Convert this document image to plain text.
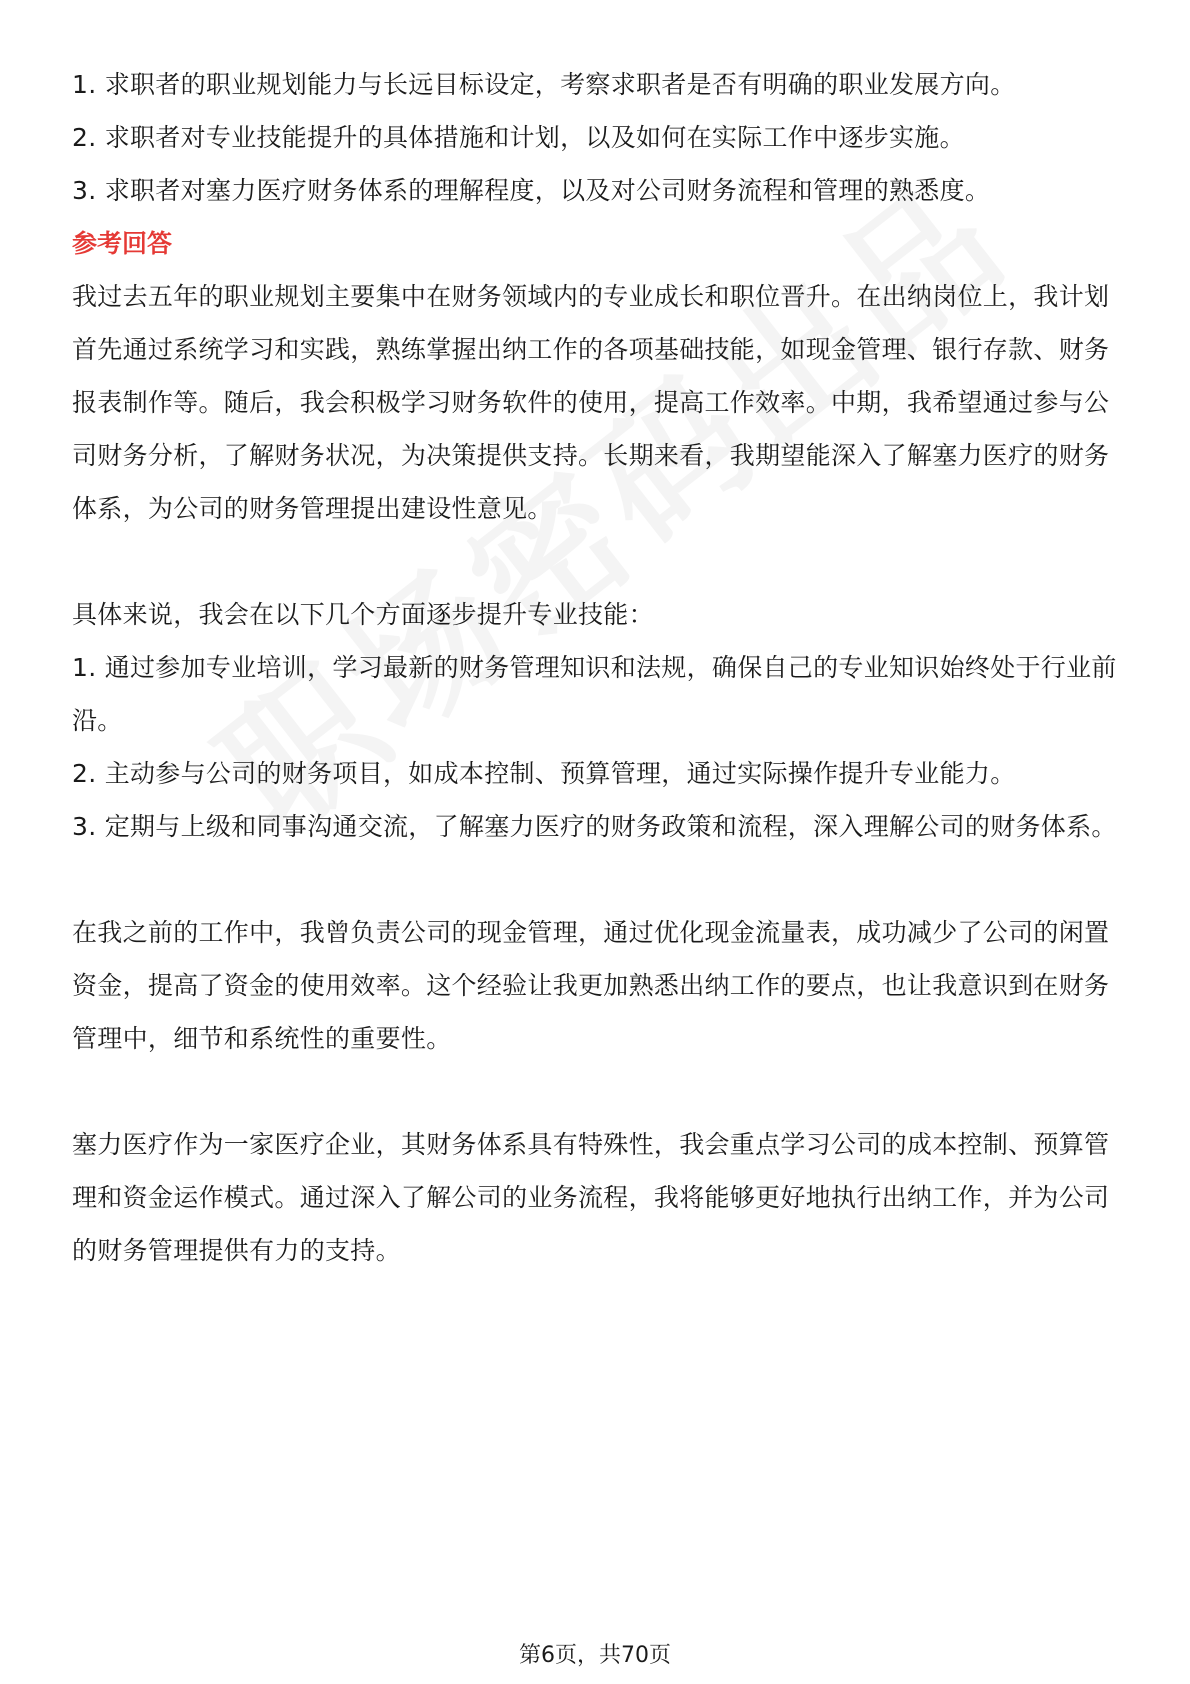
1. 求职者的职业规划能力与长远目标设定，考察求职者是否有明确的职业发展方向。

2. 求职者对专业技能提升的具体措施和计划，以及如何在实际工作中逐步实施。

3. 求职者对塞力医疗财务体系的理解程度，以及对公司财务流程和管理的熟悉度。

参考回答

我过去五年的职业规划主要集中在财务领域内的专业成长和职位晋升。在出纳岗位上，我计划首先通过系统学习和实践，熟练掌握出纳工作的各项基础技能，如现金管理、银行存款、财务报表制作等。随后，我会积极学习财务软件的使用，提高工作效率。中期，我希望通过参与公司财务分析，了解财务状况，为决策提供支持。长期来看，我期望能深入了解塞力医疗的财务体系，为公司的财务管理提出建设性意见。

具体来说，我会在以下几个方面逐步提升专业技能：

1. 通过参加专业培训，学习最新的财务管理知识和法规，确保自己的专业知识始终处于行业前沿。

2. 主动参与公司的财务项目，如成本控制、预算管理，通过实际操作提升专业能力。

3. 定期与上级和同事沟通交流，了解塞力医疗的财务政策和流程，深入理解公司的财务体系。

在我之前的工作中，我曾负责公司的现金管理，通过优化现金流量表，成功减少了公司的闲置资金，提高了资金的使用效率。这个经验让我更加熟悉出纳工作的要点，也让我意识到在财务管理中，细节和系统性的重要性。

塞力医疗作为一家医疗企业，其财务体系具有特殊性，我会重点学习公司的成本控制、预算管理和资金运作模式。通过深入了解公司的业务流程，我将能够更好地执行出纳工作，并为公司的财务管理提供有力的支持。

第6页，共70页
